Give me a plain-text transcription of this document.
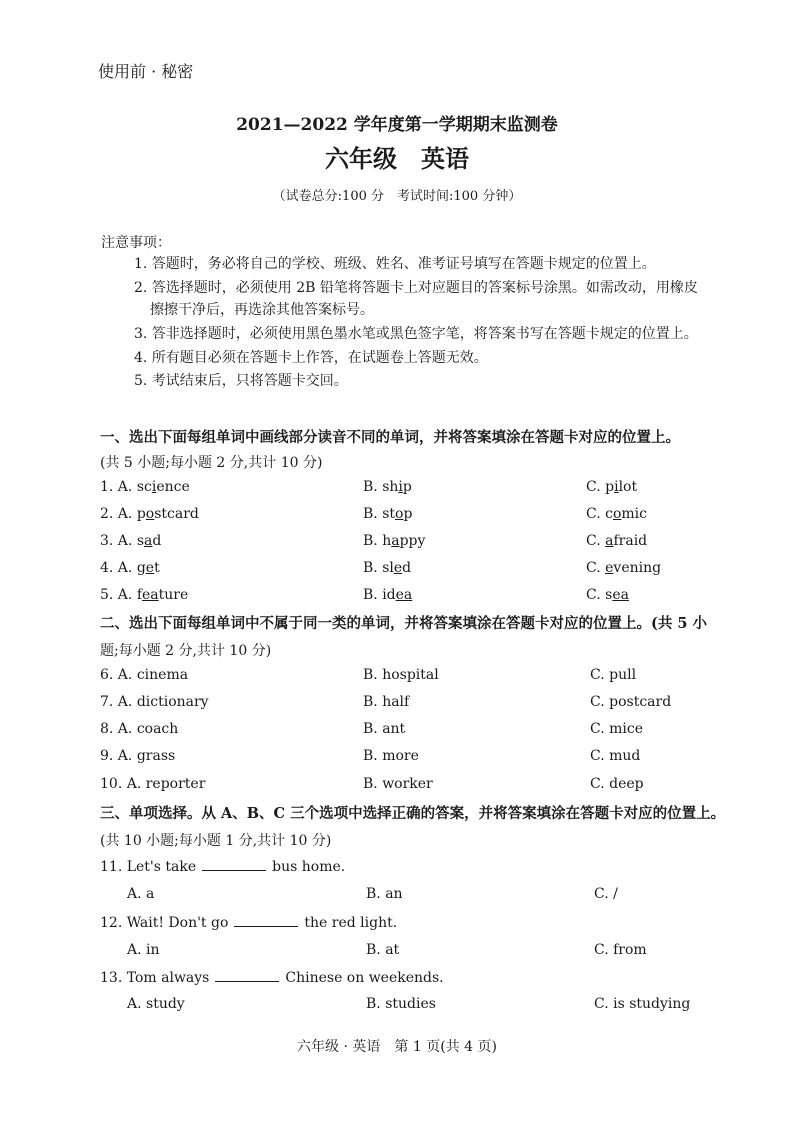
使用前 · 秘密
2021—2022 学年度第一学期期末监测卷
六年级　英语
（试卷总分:100 分　考试时间:100 分钟）
注意事项：
1. 答题时，务必将自己的学校、班级、姓名、准考证号填写在答题卡规定的位置上。
2. 答选择题时，必须使用 2B 铅笔将答题卡上对应题目的答案标号涂黑。如需改动，用橡皮
擦擦干净后，再选涂其他答案标号。
3. 答非选择题时，必须使用黑色墨水笔或黑色签字笔，将答案书写在答题卡规定的位置上。
4. 所有题目必须在答题卡上作答，在试题卷上答题无效。
5. 考试结束后，只将答题卡交回。
一、选出下面每组单词中画线部分读音不同的单词，并将答案填涂在答题卡对应的位置上。
(共 5 小题;每小题 2 分,共计 10 分)
1. A. science	B. ship	C. pilot
2. A. postcard	B. stop	C. comic
3. A. sad	B. happy	C. afraid
4. A. get	B. sled	C. evening
5. A. feature	B. idea	C. sea
二、选出下面每组单词中不属于同一类的单词，并将答案填涂在答题卡对应的位置上。(共 5 小
题;每小题 2 分,共计 10 分)
6. A. cinema	B. hospital	C. pull
7. A. dictionary	B. half	C. postcard
8. A. coach	B. ant	C. mice
9. A. grass	B. more	C. mud
10. A. reporter	B. worker	C. deep
三、单项选择。从 A、B、C 三个选项中选择正确的答案，并将答案填涂在答题卡对应的位置上。
(共 10 小题;每小题 1 分,共计 10 分)
11. Let's take	bus home.
A. a	B. an	C. /
12. Wait! Don't go	the red light.
A. in	B. at	C. from
13. Tom always	Chinese on weekends.
A. study	B. studies	C. is studying
六年级 · 英语　第 1 页(共 4 页)
